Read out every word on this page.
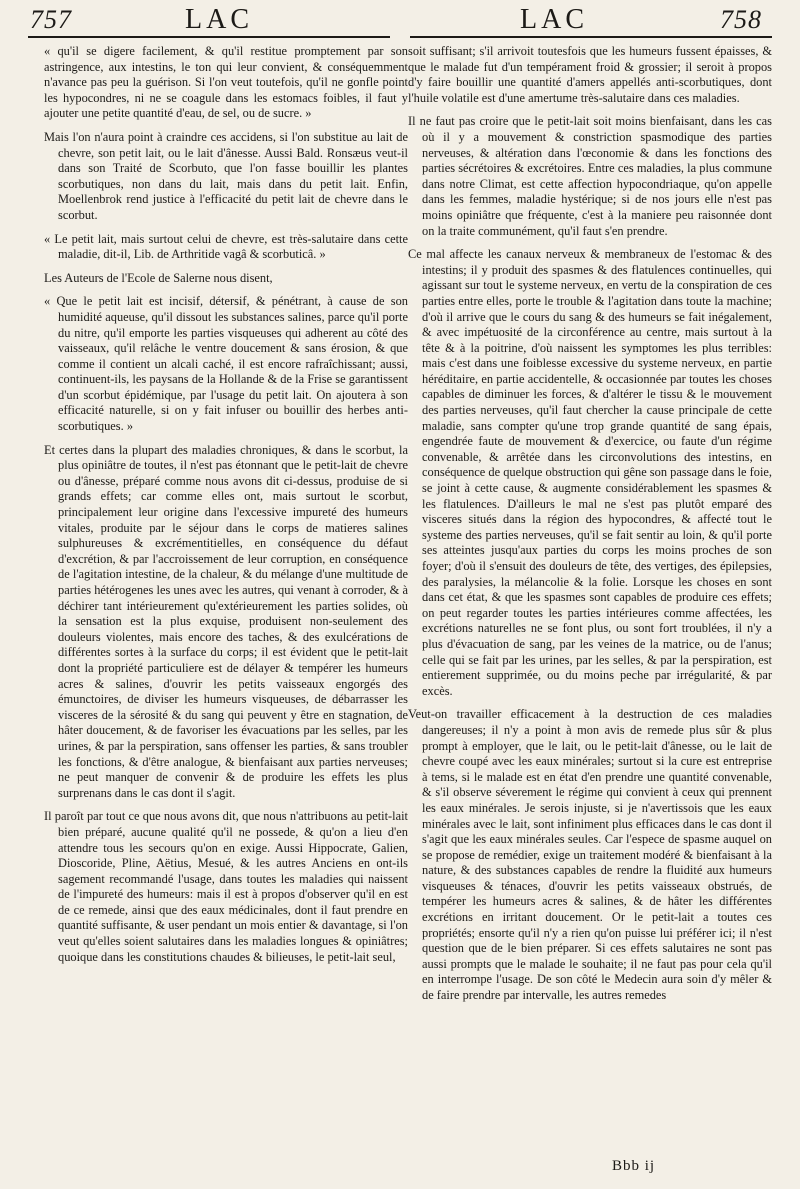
757	LAC	LAC	758

« qu'il se digere facilement, & qu'il restitue promptement par son astringence, aux intestins, le ton qui leur convient, & conséquemment n'avance pas peu la guérison. Si l'on veut toutefois, qu'il ne gonfle point les hypocondres, ni ne se coagule dans les estomacs foibles, il faut y ajouter une petite quantité d'eau, de sel, ou de sucre. »

Mais l'on n'aura point à craindre ces accidens, si l'on substitue au lait de chevre, son petit lait, ou le lait d'ânesse. Aussi Bald. Ronsæus veut-il dans son Traité de Scorbuto, que l'on fasse bouillir les plantes scorbutiques, non dans du lait, mais dans du petit lait. Enfin, Moellenbrok rend justice à l'efficacité du petit lait de chevre dans le scorbut.

« Le petit lait, mais surtout celui de chevre, est très-salutaire dans cette maladie, dit-il, Lib. de Arthritide vagâ & scorbuticâ. »

Les Auteurs de l'Ecole de Salerne nous disent,

« Que le petit lait est incisif, détersif, & pénétrant, à cause de son humidité aqueuse, qu'il dissout les substances salines, parce qu'il porte du nitre, qu'il emporte les parties visqueuses qui adherent au côté des vaisseaux, qu'il relâche le ventre doucement & sans érosion, & que comme il contient un alcali caché, il est encore rafraîchissant; aussi, continuent-ils, les paysans de la Hollande & de la Frise se garantissent d'un scorbut épidémique, par l'usage du petit lait. On ajoutera à son efficacité naturelle, si on y fait infuser ou bouillir des herbes anti-scorbutiques. »

Et certes dans la plupart des maladies chroniques, & dans le scorbut, la plus opiniâtre de toutes, il n'est pas étonnant que le petit-lait de chevre ou d'ânesse, préparé comme nous avons dit ci-dessus, produise de si grands effets; car comme elles ont, mais surtout le scorbut, principalement leur origine dans l'excessive impureté des humeurs vitales, produite par le séjour dans le corps de matieres salines sulphureuses & excrémentitielles, en conséquence du défaut d'excrétion, & par l'accroissement de leur corruption, en conséquence de l'agitation intestine, de la chaleur, & du mélange d'une multitude de parties hétérogenes les unes avec les autres, qui venant à corroder, & à déchirer tant intérieurement qu'extérieurement les parties solides, où la sensation est la plus exquise, produisent non-seulement des douleurs violentes, mais encore des taches, & des exulcérations de différentes sortes à la surface du corps; il est évident que le petit-lait dont la propriété particuliere est de délayer & tempérer les humeurs acres & salines, d'ouvrir les petits vaisseaux engorgés des émunctoires, de diviser les humeurs visqueuses, de débarrasser les visceres de la sérosité & du sang qui peuvent y être en stagnation, de hâter doucement, & de favoriser les évacuations par les selles, par les urines, & par la perspiration, sans offenser les parties, & sans troubler les fonctions, & d'être analogue, & bienfaisant aux parties nerveuses; ne peut manquer de convenir & de produire les effets les plus surprenans dans le cas dont il s'agit.

Il paroît par tout ce que nous avons dit, que nous n'attribuons au petit-lait bien préparé, aucune qualité qu'il ne possede, & qu'on a lieu d'en attendre tous les secours qu'on en exige. Aussi Hippocrate, Galien, Dioscoride, Pline, Aëtius, Mesué, & les autres Anciens en ont-ils sagement recommandé l'usage, dans toutes les maladies qui naissent de l'impureté des humeurs: mais il est à propos d'observer qu'il en est de ce remede, ainsi que des eaux médicinales, dont il faut prendre en quantité suffisante, & user pendant un mois entier & davantage, si l'on veut qu'elles soient salutaires dans les maladies longues & opiniâtres; quoique dans les constitutions chaudes & bilieuses, le petit-lait seul,

soit suffisant; s'il arrivoit toutesfois que les humeurs fussent épaisses, & que le malade fut d'un tempérament froid & grossier; il seroit à propos d'y faire bouillir une quantité d'amers appellés anti-scorbutiques, dont l'huile volatile est d'une amertume très-salutaire dans ces maladies.

Il ne faut pas croire que le petit-lait soit moins bienfaisant, dans les cas où il y a mouvement & constriction spasmodique des parties nerveuses, & altération dans l'œconomie & dans les fonctions des parties sécrétoires & excrétoires. Entre ces maladies, la plus commune dans notre Climat, est cette affection hypocondriaque, qu'on appelle dans les femmes, maladie hystérique; si de nos jours elle n'est pas moins opiniâtre que fréquente, c'est à la maniere peu raisonnée dont on la traite communément, qu'il faut s'en prendre.

Ce mal affecte les canaux nerveux & membraneux de l'estomac & des intestins; il y produit des spasmes & des flatulences continuelles, qui agissant sur tout le systeme nerveux, en vertu de la conspiration de ces parties entre elles, porte le trouble & l'agitation dans toute la machine; d'où il arrive que le cours du sang & des humeurs se fait inégalement, & avec impétuosité de la circonférence au centre, mais surtout à la tête & à la poitrine, d'où naissent les symptomes les plus terribles: mais c'est dans une foiblesse excessive du systeme nerveux, en partie héréditaire, en partie accidentelle, & occasionnée par toutes les choses capables de diminuer les forces, & d'altérer le tissu & le mouvement des parties nerveuses, qu'il faut chercher la cause principale de cette maladie, sans compter qu'une trop grande quantité de sang épais, engendrée faute de mouvement & d'exercice, ou faute d'un régime convenable, & arrêtée dans les circonvolutions des intestins, en conséquence de quelque obstruction qui gêne son passage dans le foie, se joint à cette cause, & augmente considérablement les spasmes & les flatulences. D'ailleurs le mal ne s'est pas plutôt emparé des visceres situés dans la région des hypocondres, & affecté tout le systeme des parties nerveuses, qu'il se fait sentir au loin, & qu'il porte ses atteintes jusqu'aux parties du corps les moins proches de son foyer; d'où il s'ensuit des douleurs de tête, des vertiges, des épilepsies, des paralysies, la mélancolie & la folie. Lorsque les choses en sont dans cet état, & que les spasmes sont capables de produire ces effets; on peut regarder toutes les parties intérieures comme affectées, les excrétions naturelles ne se font plus, ou sont fort troublées, il n'y a plus d'évacuation de sang, par les veines de la matrice, ou de l'anus; celle qui se fait par les urines, par les selles, & par la perspiration, est entierement supprimée, ou du moins peche par irrégularité, & par excès.

Veut-on travailler efficacement à la destruction de ces maladies dangereuses; il n'y a point à mon avis de remede plus sûr & plus prompt à employer, que le lait, ou le petit-lait d'ânesse, ou le lait de chevre coupé avec les eaux minérales; surtout si la cure est entreprise à tems, si le malade est en état d'en prendre une quantité convenable, & s'il observe séverement le régime qui convient à ceux qui prennent les eaux minérales. Je serois injuste, si je n'avertissois que les eaux minérales avec le lait, sont infiniment plus efficaces dans le cas dont il s'agit que les eaux minérales seules. Car l'espece de spasme auquel on se propose de remédier, exige un traitement modéré & bienfaisant à la nature, & des substances capables de rendre la fluidité aux humeurs visqueuses & ténaces, d'ouvrir les petits vaisseaux obstrués, de tempérer les humeurs acres & salines, & de hâter les différentes excrétions en irritant doucement. Or le petit-lait a toutes ces propriétés; ensorte qu'il n'y a rien qu'on puisse lui préférer ici; il n'est question que de le bien préparer. Si ces effets salutaires ne sont pas aussi prompts que le malade le souhaite; il ne faut pas pour cela qu'il en interrompe l'usage. De son côté le Medecin aura soin d'y mêler & de faire prendre par intervalle, les autres remedes

Bbb ij
